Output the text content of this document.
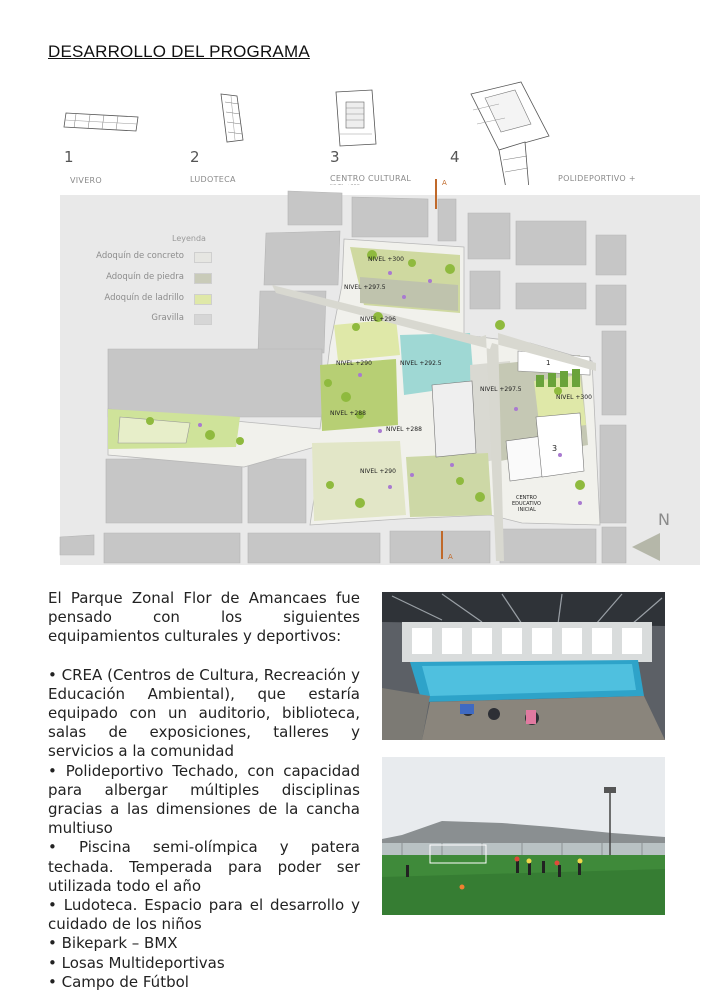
DESARROLLO DEL PROGRAMA
1
VIVERO
2
LUDOTECA
3
CENTRO CULTURAL
4
POLIDEPORTIVO +
NIVEL +300
NIVEL +297.5
NIVEL +296
NIVEL +290	NIVEL +292.5
NIVEL +297.5
NIVEL +300
NIVEL +288
NIVEL +288
NIVEL +290
1
3
CENTRO
EDUCATIVO
INICIAL
A
A
N
Leyenda
Adoquín de concreto
Adoquín de piedra
Adoquín de ladrillo
Gravilla

El Parque Zonal Flor de Amancaes fue pensado con los siguientes equipamientos culturales y deportivos:

• CREA (Centros de Cultura, Recreación y Educación Ambiental), que estaría equipado con un auditorio, biblioteca, salas de exposiciones, talleres y servicios a la comunidad

• Polideportivo Techado, con capacidad para albergar múltiples disciplinas gracias a las dimensiones de la cancha multiuso

• Piscina semi-olímpica y patera techada. Temperada para poder ser utilizada todo el año

• Ludoteca. Espacio para el desarrollo y cuidado de los niños

• Bikepark – BMX

• Losas Multideportivas

• Campo de Fútbol
